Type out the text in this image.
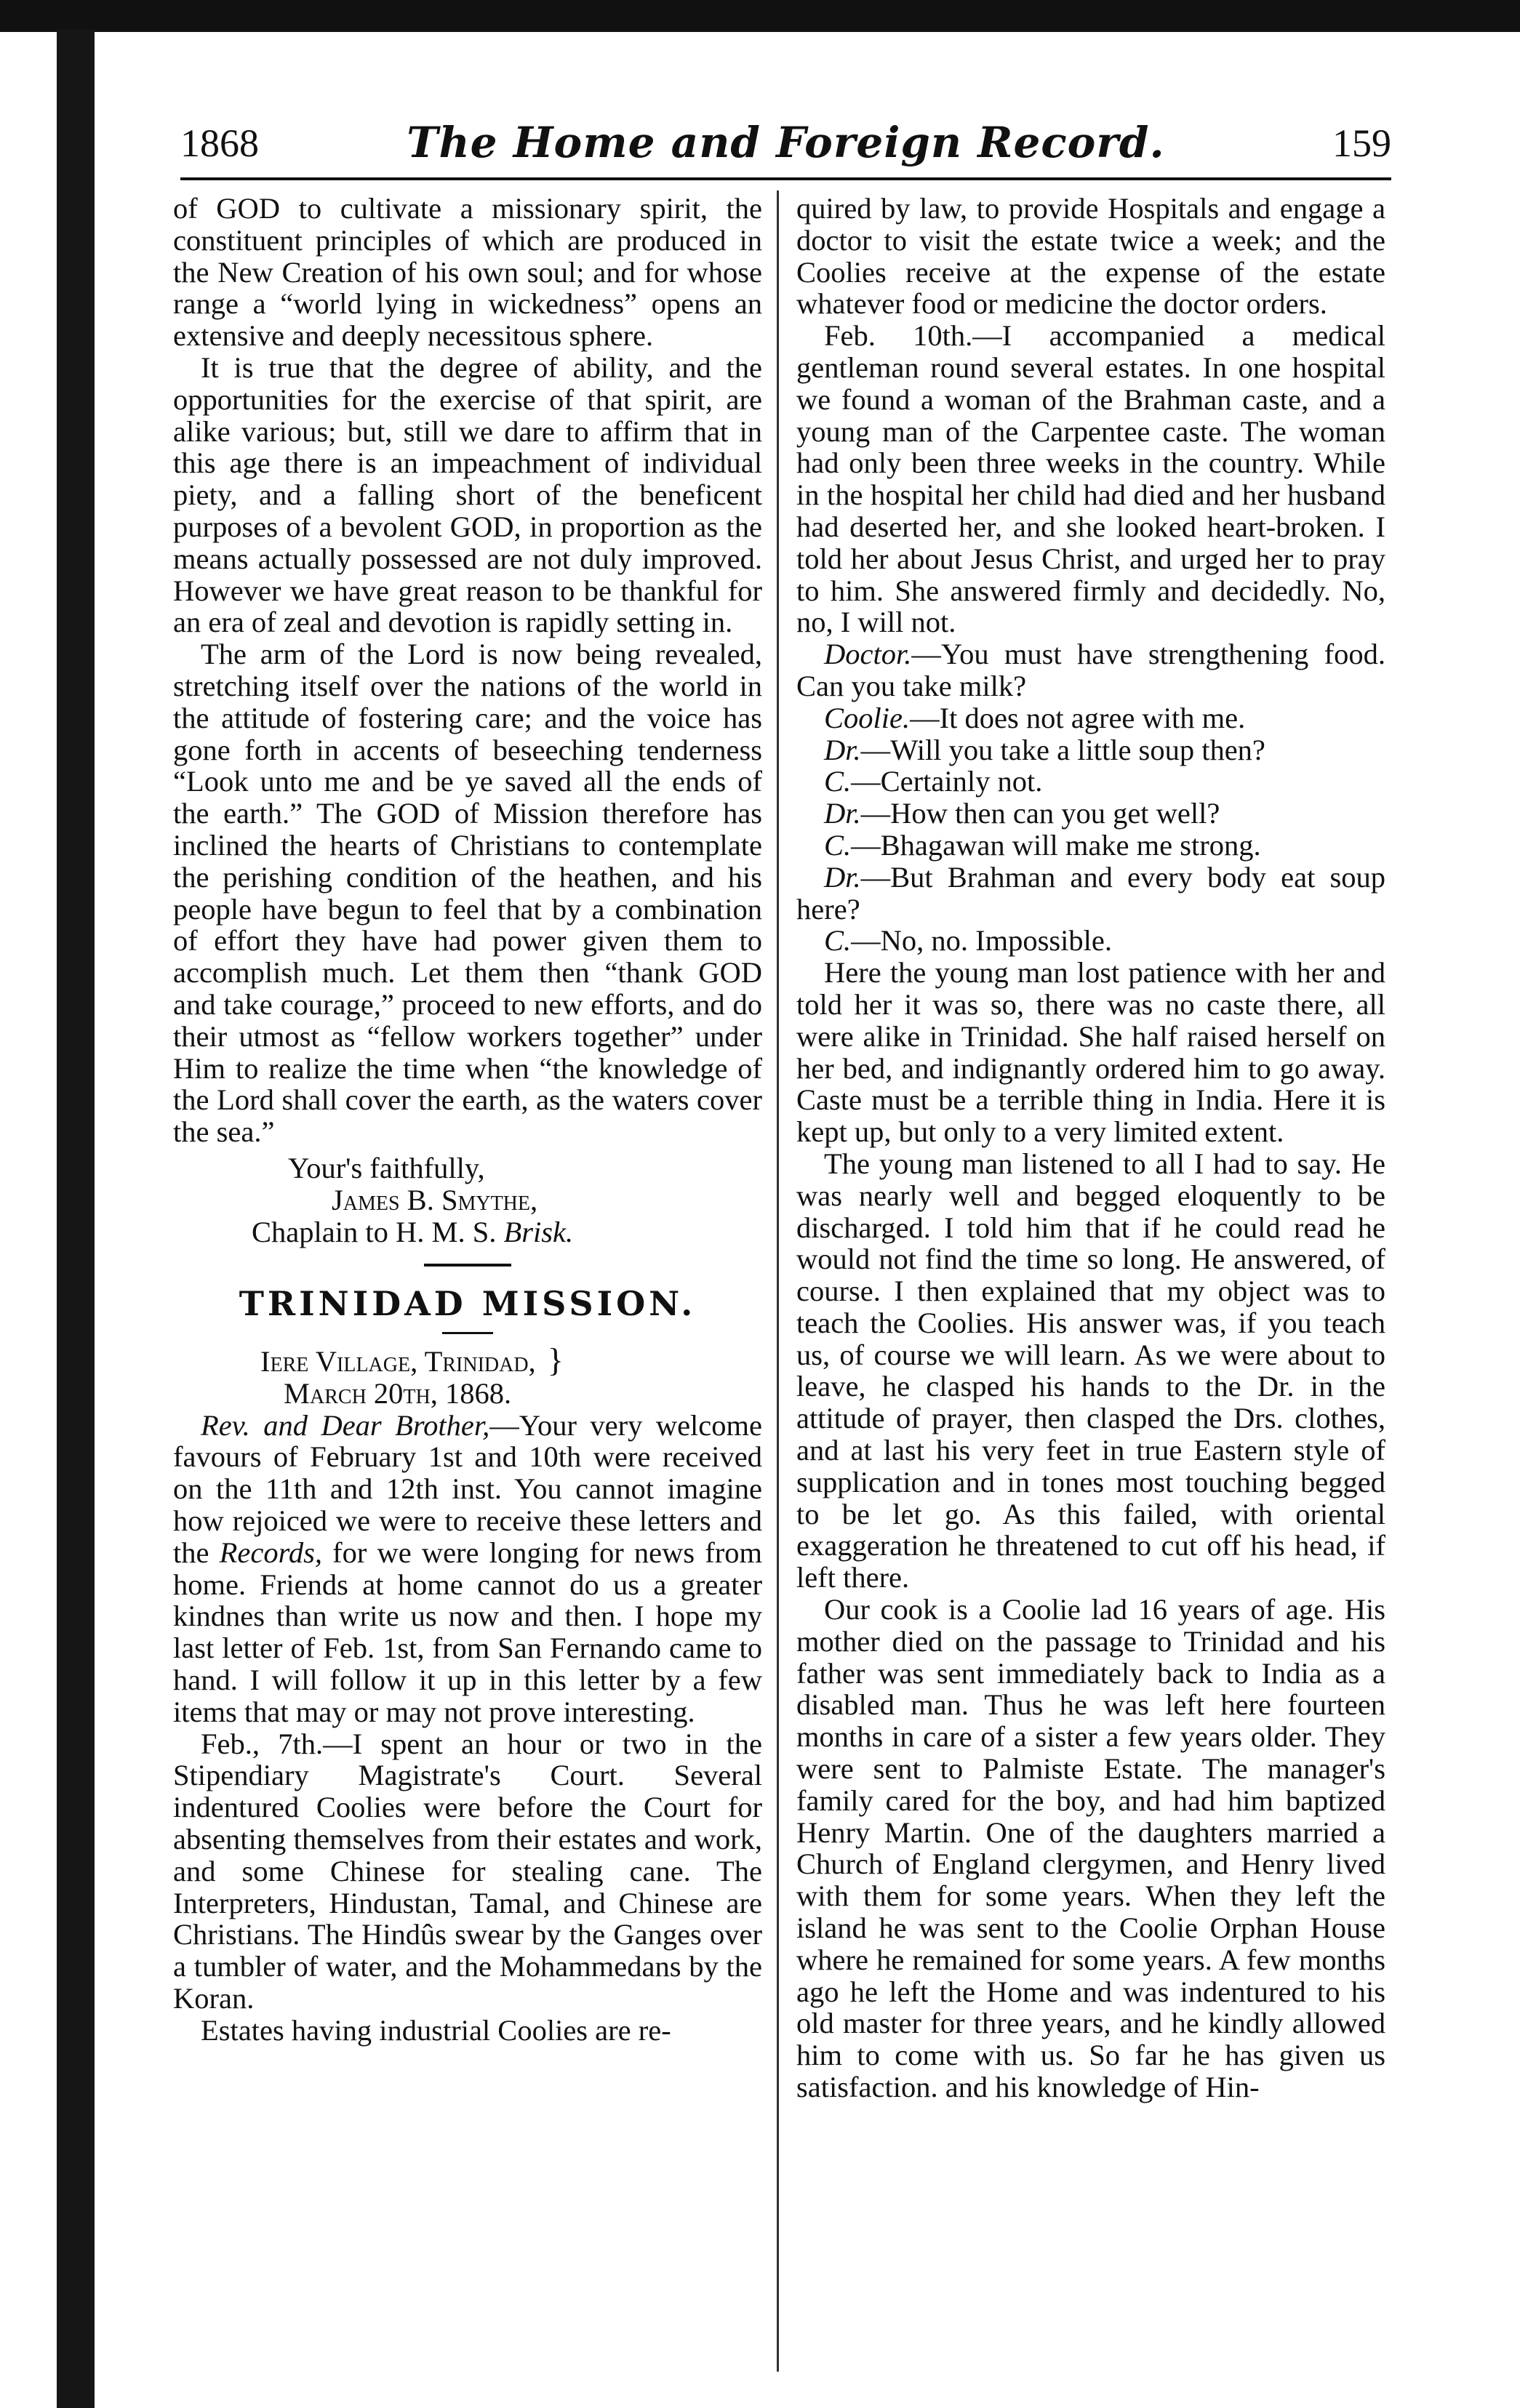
1868	The Home and Foreign Record.	159

of GOD to cultivate a missionary spirit, the constituent principles of which are produced in the New Creation of his own soul; and for whose range a “world lying in wickedness” opens an extensive and deeply necessitous sphere.

It is true that the degree of ability, and the opportunities for the exercise of that spirit, are alike various; but, still we dare to affirm that in this age there is an impeachment of individual piety, and a falling short of the beneficent purposes of a bevolent GOD, in proportion as the means actually possessed are not duly improved. However we have great reason to be thankful for an era of zeal and devotion is rapidly setting in.

The arm of the Lord is now being revealed, stretching itself over the nations of the world in the attitude of fostering care; and the voice has gone forth in accents of beseeching tenderness “Look unto me and be ye saved all the ends of the earth.” The GOD of Mission therefore has inclined the hearts of Christians to contemplate the perishing condition of the heathen, and his people have begun to feel that by a combination of effort they have had power given them to accomplish much. Let them then “thank GOD and take courage,” proceed to new efforts, and do their utmost as “fellow workers together” under Him to realize the time when “the knowledge of the Lord shall cover the earth, as the waters cover the sea.”

Your's faithfully,

James B. Smythe,

Chaplain to H. M. S. Brisk.

TRINIDAD MISSION.

Iere Village, Trinidad, }

March 20th, 1868.

Rev. and Dear Brother,—Your very welcome favours of February 1st and 10th were received on the 11th and 12th inst. You cannot imagine how rejoiced we were to receive these letters and the Records, for we were longing for news from home. Friends at home cannot do us a greater kindnes than write us now and then. I hope my last letter of Feb. 1st, from San Fernando came to hand. I will follow it up in this letter by a few items that may or may not prove interesting.

Feb., 7th.—I spent an hour or two in the Stipendiary Magistrate's Court. Several indentured Coolies were before the Court for absenting themselves from their estates and work, and some Chinese for stealing cane. The Interpreters, Hindustan, Tamal, and Chinese are Christians. The Hindûs swear by the Ganges over a tumbler of water, and the Mohammedans by the Koran.

Estates having industrial Coolies are re-

quired by law, to provide Hospitals and engage a doctor to visit the estate twice a week; and the Coolies receive at the expense of the estate whatever food or medicine the doctor orders.

Feb. 10th.—I accompanied a medical gentleman round several estates. In one hospital we found a woman of the Brahman caste, and a young man of the Carpentee caste. The woman had only been three weeks in the country. While in the hospital her child had died and her husband had deserted her, and she looked heart-broken. I told her about Jesus Christ, and urged her to pray to him. She answered firmly and decidedly. No, no, I will not.

Doctor.—You must have strengthening food. Can you take milk?

Coolie.—It does not agree with me.

Dr.—Will you take a little soup then?

C.—Certainly not.

Dr.—How then can you get well?

C.—Bhagawan will make me strong.

Dr.—But Brahman and every body eat soup here?

C.—No, no. Impossible.

Here the young man lost patience with her and told her it was so, there was no caste there, all were alike in Trinidad. She half raised herself on her bed, and indignantly ordered him to go away. Caste must be a terrible thing in India. Here it is kept up, but only to a very limited extent.

The young man listened to all I had to say. He was nearly well and begged eloquently to be discharged. I told him that if he could read he would not find the time so long. He answered, of course. I then explained that my object was to teach the Coolies. His answer was, if you teach us, of course we will learn. As we were about to leave, he clasped his hands to the Dr. in the attitude of prayer, then clasped the Drs. clothes, and at last his very feet in true Eastern style of supplication and in tones most touching begged to be let go. As this failed, with oriental exaggeration he threatened to cut off his head, if left there.

Our cook is a Coolie lad 16 years of age. His mother died on the passage to Trinidad and his father was sent immediately back to India as a disabled man. Thus he was left here fourteen months in care of a sister a few years older. They were sent to Palmiste Estate. The manager's family cared for the boy, and had him baptized Henry Martin. One of the daughters married a Church of England clergymen, and Henry lived with them for some years. When they left the island he was sent to the Coolie Orphan House where he remained for some years. A few months ago he left the Home and was indentured to his old master for three years, and he kindly allowed him to come with us. So far he has given us satisfaction. and his knowledge of Hin-
